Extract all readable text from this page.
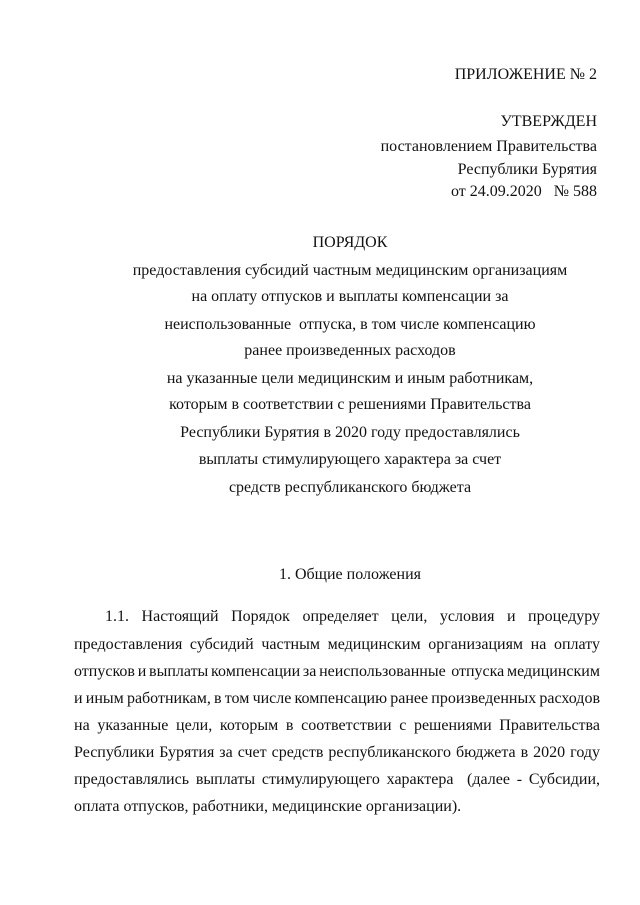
ПРИЛОЖЕНИЕ № 2
УТВЕРЖДЕН
постановлением Правительства
Республики Бурятия
от 24.09.2020   № 588
ПОРЯДОК
предоставления субсидий частным медицинским организациям
на оплату отпусков и выплаты компенсации за
неиспользованные  отпуска, в том числе компенсацию
ранее произведенных расходов
на указанные цели медицинским и иным работникам,
которым в соответствии с решениями Правительства
Республики Бурятия в 2020 году предоставлялись
выплаты стимулирующего характера за счет
средств республиканского бюджета
1. Общие положения
1.1. Настоящий Порядок определяет цели, условия и процедуру
предоставления субсидий частным медицинским организациям на оплату
отпусков и выплаты компенсации за неиспользованные  отпуска медицинским
и иным работникам, в том числе компенсацию ранее произведенных расходов
на указанные цели, которым в соответствии с решениями Правительства
Республики Бурятия за счет средств республиканского бюджета в 2020 году
предоставлялись выплаты стимулирующего характера  (далее - Субсидии,
оплата отпусков, работники, медицинские организации).
